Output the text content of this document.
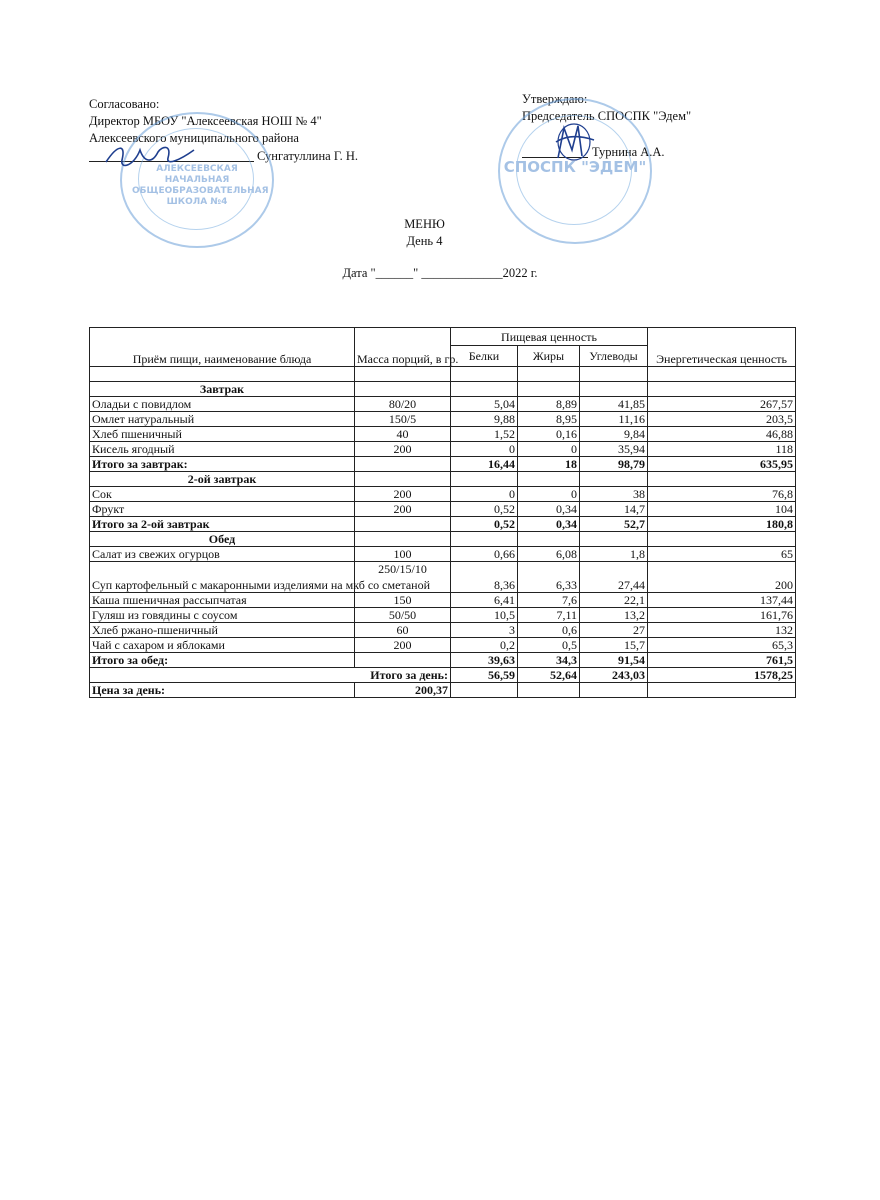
Согласовано:
Директор МБОУ "Алексеевская НОШ № 4"
Алексеевского муниципального района
Сунгатуллина Г. Н.
АЛЕКСЕЕВСКАЯ НАЧАЛЬНАЯ ОБЩЕОБРАЗОВАТЕЛЬНАЯ ШКОЛА №4
Утверждаю:
Председатель СПОСПК "Эдем"
Турнина А.А.
СПОСПК "ЭДЕМ"
МЕНЮ
День 4
Дата "______" _____________2022 г.
Приём пищи, наименование блюда	Масса порций, в гр.	Пищевая ценность			Энергетическая ценность
		Белки	Жиры	Углеводы	

Завтрак					
Оладьи с повидлом	80/20	5,04	8,89	41,85	267,57
Омлет натуральный	150/5	9,88	8,95	11,16	203,5
Хлеб пшеничный	40	1,52	0,16	9,84	46,88
Кисель ягодный	200	0	0	35,94	118
Итого за завтрак:		16,44	18	98,79	635,95
2-ой завтрак					
Сок	200	0	0	38	76,8
Фрукт	200	0,52	0,34	14,7	104
Итого за 2-ой завтрак		0,52	0,34	52,7	180,8
Обед					
Салат из свежих огурцов	100	0,66	6,08	1,8	65
Суп картофельный с макаронными изделиями на мкб со сметаной	250/15/10	8,36	6,33	27,44	200
Каша пшеничная рассыпчатая	150	6,41	7,6	22,1	137,44
Гуляш из говядины с соусом	50/50	10,5	7,11	13,2	161,76
Хлеб ржано-пшеничный	60	3	0,6	27	132
Чай с сахаром и яблоками	200	0,2	0,5	15,7	65,3
Итого за обед:		39,63	34,3	91,54	761,5
Итого за день:		56,59	52,64	243,03	1578,25
Цена за день:	200,37				
